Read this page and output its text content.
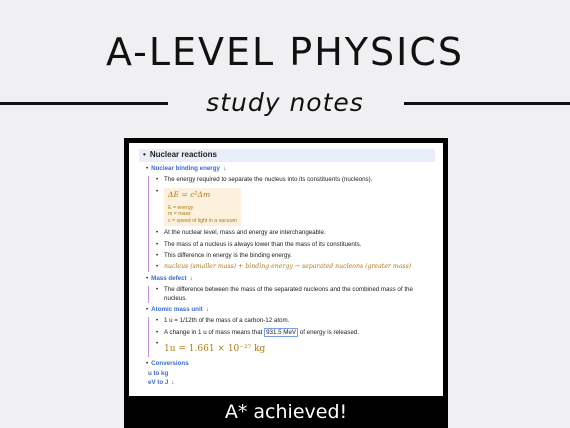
A-LEVEL PHYSICS
study notes
• Nuclear reactions
• Nuclear binding energy ↓
• The energy required to separate the nucleus into its constituents (nucleons).
• ΔE = c²Δm
E = energy
m = mass
c = speed of light in a vacuum
• At the nuclear level, mass and energy are interchangeable.
• The mass of a nucleus is always lower than the mass of its constituents.
• This difference in energy is the binding energy.
• nucleus (smaller mass) + binding energy → separated nucleons (greater mass)
• Mass defect ↓
• The difference between the mass of the separated nucleons and the combined mass of the nucleus.
• Atomic mass unit ↓
• 1 u = 1/12th of the mass of a carbon-12 atom.
• A change in 1 u of mass means that 931.5 MeV of energy is released.
• 1u = 1.661 × 10⁻²⁷ kg
• Conversions
u to kg
eV to J ↓
A* achieved!
